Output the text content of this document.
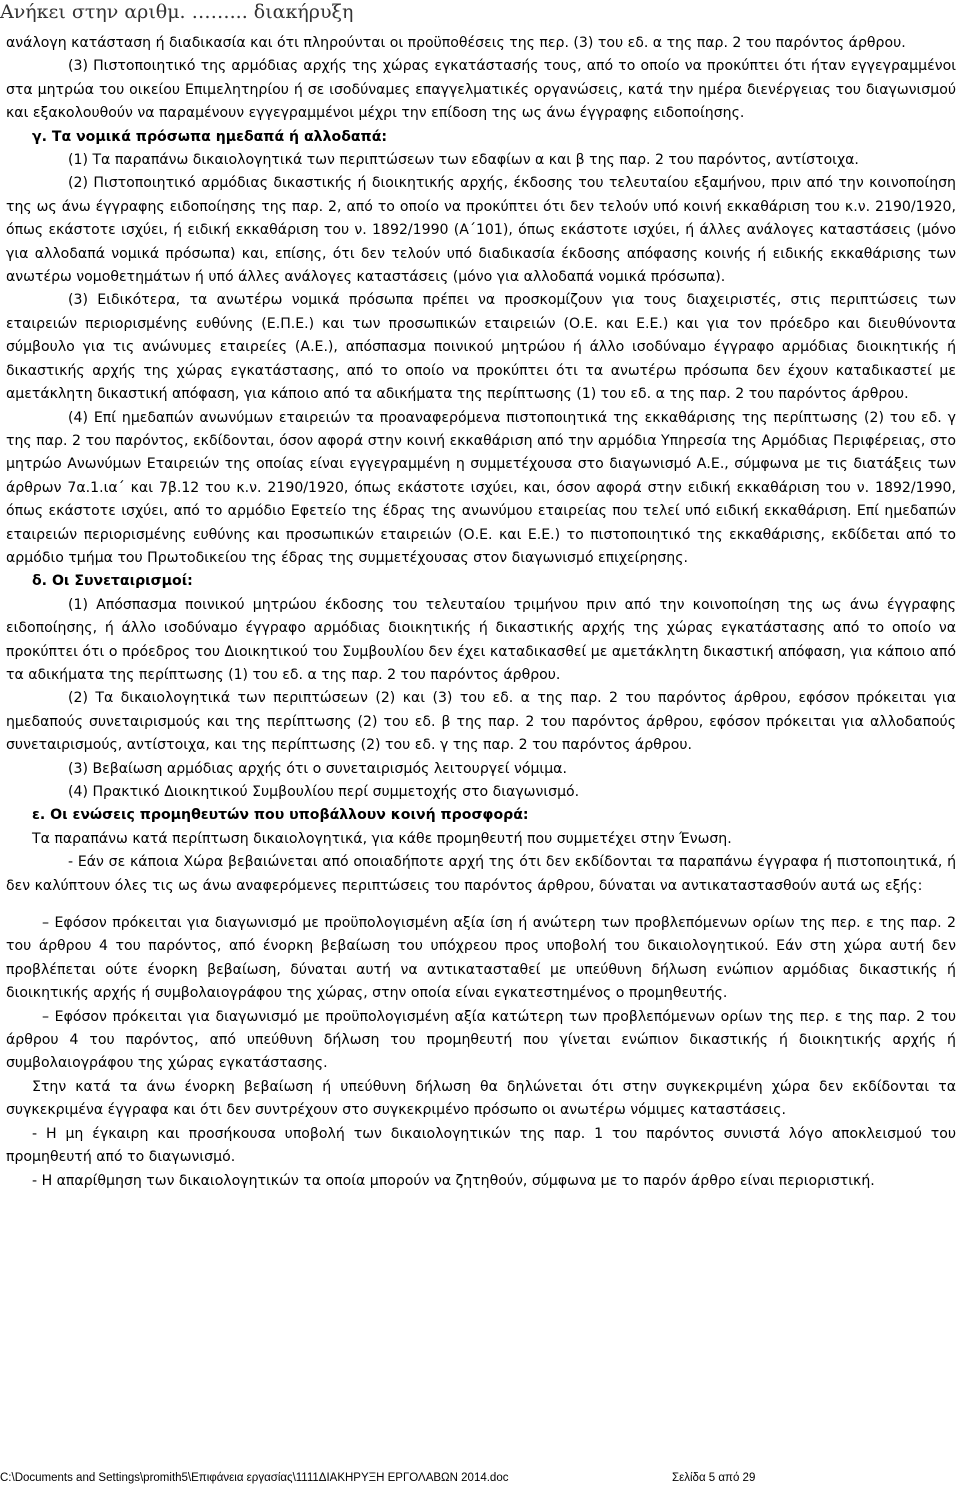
Ανήκει στην αριθμ. ……... διακήρυξη

ανάλογη κατάσταση ή διαδικασία και ότι πληρούνται οι προϋποθέσεις της περ. (3) του εδ. α της παρ. 2 του παρόντος άρθρου.

(3) Πιστοποιητικό της αρμόδιας αρχής της χώρας εγκατάστασής τους, από το οποίο να προκύπτει ότι ήταν εγγεγραμμένοι στα μητρώα του οικείου Επιμελητηρίου ή σε ισοδύναμες επαγγελματικές οργανώσεις, κατά την ημέρα διενέργειας του διαγωνισμού και εξακολουθούν να παραμένουν εγγεγραμμένοι μέχρι την επίδοση της ως άνω έγγραφης ειδοποίησης.

γ. Τα νομικά πρόσωπα ημεδαπά ή αλλοδαπά:

(1) Τα παραπάνω δικαιολογητικά των περιπτώσεων των εδαφίων α και β της παρ. 2 του παρόντος, αντίστοιχα.

(2) Πιστοποιητικό αρμόδιας δικαστικής ή διοικητικής αρχής, έκδοσης του τελευταίου εξαμήνου, πριν από την κοινοποίηση της ως άνω έγγραφης ειδοποίησης της παρ. 2, από το οποίο να προκύπτει ότι δεν τελούν υπό κοινή εκκαθάριση του κ.ν. 2190/1920, όπως εκάστοτε ισχύει, ή ειδική εκκαθάριση του ν. 1892/1990 (Α΄101), όπως εκάστοτε ισχύει, ή άλλες ανάλογες καταστάσεις (μόνο για αλλοδαπά νομικά πρόσωπα) και, επίσης, ότι δεν τελούν υπό διαδικασία έκδοσης απόφασης κοινής ή ειδικής εκκαθάρισης των ανωτέρω νομοθετημάτων ή υπό άλλες ανάλογες καταστάσεις (μόνο για αλλοδαπά νομικά πρόσωπα).

(3) Ειδικότερα, τα ανωτέρω νομικά πρόσωπα πρέπει να προσκομίζουν για τους διαχειριστές, στις περιπτώσεις των εταιρειών περιορισμένης ευθύνης (Ε.Π.Ε.) και των προσωπικών εταιρειών (Ο.Ε. και Ε.Ε.) και για τον πρόεδρο και διευθύνοντα σύμβουλο για τις ανώνυμες εταιρείες (Α.Ε.), απόσπασμα ποινικού μητρώου ή άλλο ισοδύναμο έγγραφο αρμόδιας διοικητικής ή δικαστικής αρχής της χώρας εγκατάστασης, από το οποίο να προκύπτει ότι τα ανωτέρω πρόσωπα δεν έχουν καταδικαστεί με αμετάκλητη δικαστική απόφαση, για κάποιο από τα αδικήματα της περίπτωσης (1) του εδ. α της παρ. 2 του παρόντος άρθρου.

(4) Επί ημεδαπών ανωνύμων εταιρειών τα προαναφερόμενα πιστοποιητικά της εκκαθάρισης της περίπτωσης (2) του εδ. γ της παρ. 2 του παρόντος, εκδίδονται, όσον αφορά στην κοινή εκκαθάριση από την αρμόδια Υπηρεσία της Αρμόδιας Περιφέρειας, στο μητρώο Ανωνύμων Εταιρειών της οποίας είναι εγγεγραμμένη η συμμετέχουσα στο διαγωνισμό Α.Ε., σύμφωνα με τις διατάξεις των άρθρων 7α.1.ια΄ και 7β.12 του κ.ν. 2190/1920, όπως εκάστοτε ισχύει, και, όσον αφορά στην ειδική εκκαθάριση του ν. 1892/1990, όπως εκάστοτε ισχύει, από το αρμόδιο Εφετείο της έδρας της ανωνύμου εταιρείας που τελεί υπό ειδική εκκαθάριση. Επί ημεδαπών εταιρειών περιορισμένης ευθύνης και προσωπικών εταιρειών (Ο.Ε. και Ε.Ε.) το πιστοποιητικό της εκκαθάρισης, εκδίδεται από το αρμόδιο τμήμα του Πρωτοδικείου της έδρας της συμμετέχουσας στον διαγωνισμό επιχείρησης.

δ. Οι Συνεταιρισμοί:

(1) Απόσπασμα ποινικού μητρώου έκδοσης του τελευταίου τριμήνου πριν από την κοινοποίηση της ως άνω έγγραφης ειδοποίησης, ή άλλο ισοδύναμο έγγραφο αρμόδιας διοικητικής ή δικαστικής αρχής της χώρας εγκατάστασης από το οποίο να προκύπτει ότι ο πρόεδρος του Διοικητικού του Συμβουλίου δεν έχει καταδικασθεί με αμετάκλητη δικαστική απόφαση, για κάποιο από τα αδικήματα της περίπτωσης (1) του εδ. α της παρ. 2 του παρόντος άρθρου.

(2) Τα δικαιολογητικά των περιπτώσεων (2) και (3) του εδ. α της παρ. 2 του παρόντος άρθρου, εφόσον πρόκειται για ημεδαπούς συνεταιρισμούς και της περίπτωσης (2) του εδ. β της παρ. 2 του παρόντος άρθρου, εφόσον πρόκειται για αλλοδαπούς συνεταιρισμούς, αντίστοιχα, και της περίπτωσης (2) του εδ. γ της παρ. 2 του παρόντος άρθρου.

(3) Βεβαίωση αρμόδιας αρχής ότι ο συνεταιρισμός λειτουργεί νόμιμα.

(4) Πρακτικό Διοικητικού Συμβουλίου περί συμμετοχής στο διαγωνισμό.

ε. Οι ενώσεις προμηθευτών που υποβάλλουν κοινή προσφορά:

Τα παραπάνω κατά περίπτωση δικαιολογητικά, για κάθε προμηθευτή που συμμετέχει στην Ένωση.

- Εάν σε κάποια Χώρα βεβαιώνεται από οποιαδήποτε αρχή της ότι δεν εκδίδονται τα παραπάνω έγγραφα ή πιστοποιητικά, ή δεν καλύπτουν όλες τις ως άνω αναφερόμενες περιπτώσεις του παρόντος άρθρου, δύναται να αντικαταστασθούν αυτά ως εξής:

– Εφόσον πρόκειται για διαγωνισμό με προϋπολογισμένη αξία ίση ή ανώτερη των προβλεπόμενων ορίων της περ. ε της παρ. 2 του άρθρου 4 του παρόντος, από ένορκη βεβαίωση του υπόχρεου προς υποβολή του δικαιολογητικού. Εάν στη χώρα αυτή δεν προβλέπεται ούτε ένορκη βεβαίωση, δύναται αυτή να αντικατασταθεί με υπεύθυνη δήλωση ενώπιον αρμόδιας δικαστικής ή διοικητικής αρχής ή συμβολαιογράφου της χώρας, στην οποία είναι εγκατεστημένος ο προμηθευτής.

– Εφόσον πρόκειται για διαγωνισμό με προϋπολογισμένη αξία κατώτερη των προβλεπόμενων ορίων της περ. ε της παρ. 2 του άρθρου 4 του παρόντος, από υπεύθυνη δήλωση του προμηθευτή που γίνεται ενώπιον δικαστικής ή διοικητικής αρχής ή συμβολαιογράφου της χώρας εγκατάστασης.

Στην κατά τα άνω ένορκη βεβαίωση ή υπεύθυνη δήλωση θα δηλώνεται ότι στην συγκεκριμένη χώρα δεν εκδίδονται τα συγκεκριμένα έγγραφα και ότι δεν συντρέχουν στο συγκεκριμένο πρόσωπο οι ανωτέρω νόμιμες καταστάσεις.

- Η μη έγκαιρη και προσήκουσα υποβολή των δικαιολογητικών της παρ. 1 του παρόντος συνιστά λόγο αποκλεισμού του προμηθευτή από το διαγωνισμό.

- Η απαρίθμηση των δικαιολογητικών τα οποία μπορούν να ζητηθούν, σύμφωνα με το παρόν άρθρο είναι περιοριστική.

C:\Documents and Settings\promith5\Επιφάνεια εργασίας\1111ΔΙΑΚΗΡΥΞΗ ΕΡΓΟΛΑΒΩΝ 2014.doc	Σελίδα 5 από 29
